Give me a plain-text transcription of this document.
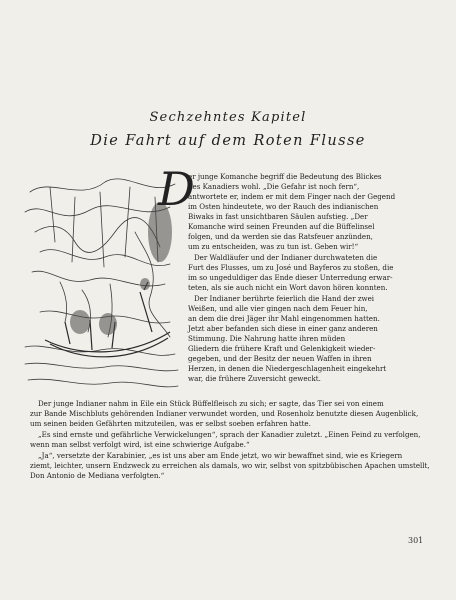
Sechzehntes Kapitel
Die Fahrt auf dem Roten Flusse
D
er junge Komanche begriff die Bedeutung des Blickes
des Kanadiers wohl. „Die Gefahr ist noch fern“,
antwortete er, indem er mit dem Finger nach der Gegend
im Osten hindeutete, wo der Rauch des indianischen
Biwaks in fast unsichtbaren Säulen aufstieg. „Der
Komanche wird seinen Freunden auf die Büffelinsel
folgen, und da werden sie das Ratsfeuer anzünden,
um zu entscheiden, was zu tun ist. Geben wir!“
Der Waldläufer und der Indianer durchwateten die
Furt des Flusses, um zu José und Bayferos zu stoßen, die
im so ungeduldiger das Ende dieser Unterredung erwar-
teten, als sie auch nicht ein Wort davon hören konnten.
Der Indianer berührte feierlich die Hand der zwei
Weißen, und alle vier gingen nach dem Feuer hin,
an dem die drei Jäger ihr Mahl eingenommen hatten.
Jetzt aber befanden sich diese in einer ganz anderen
Stimmung. Die Nahrung hatte ihren müden
Gliedern die frühere Kraft und Gelenkigkeit wieder-
gegeben, und der Besitz der neuen Waffen in ihren
Herzen, in denen die Niedergeschlagenheit eingekehrt
war, die frühere Zuversicht geweckt.
Der junge Indianer nahm in Eile ein Stück Büffelfleisch zu sich; er sagte, das Tier sei von einem
zur Bande Mischbluts gehörenden Indianer verwundet worden, und Rosenholz benutzte diesen Augenblick,
um seinen beiden Gefährten mitzuteilen, was er selbst soeben erfahren hatte.
„Es sind ernste und gefährliche Verwickelungen“, sprach der Kanadier zuletzt. „Einen Feind zu verfolgen,
wenn man selbst verfolgt wird, ist eine schwierige Aufgabe.“
„Ja“, versetzte der Karabinier, „es ist uns aber am Ende jetzt, wo wir bewaffnet sind, wie es Kriegern
ziemt, leichter, unsern Endzweck zu erreichen als damals, wo wir, selbst von spitzbübischen Apachen umstellt,
Don Antonio de Mediana verfolgten.“
301
